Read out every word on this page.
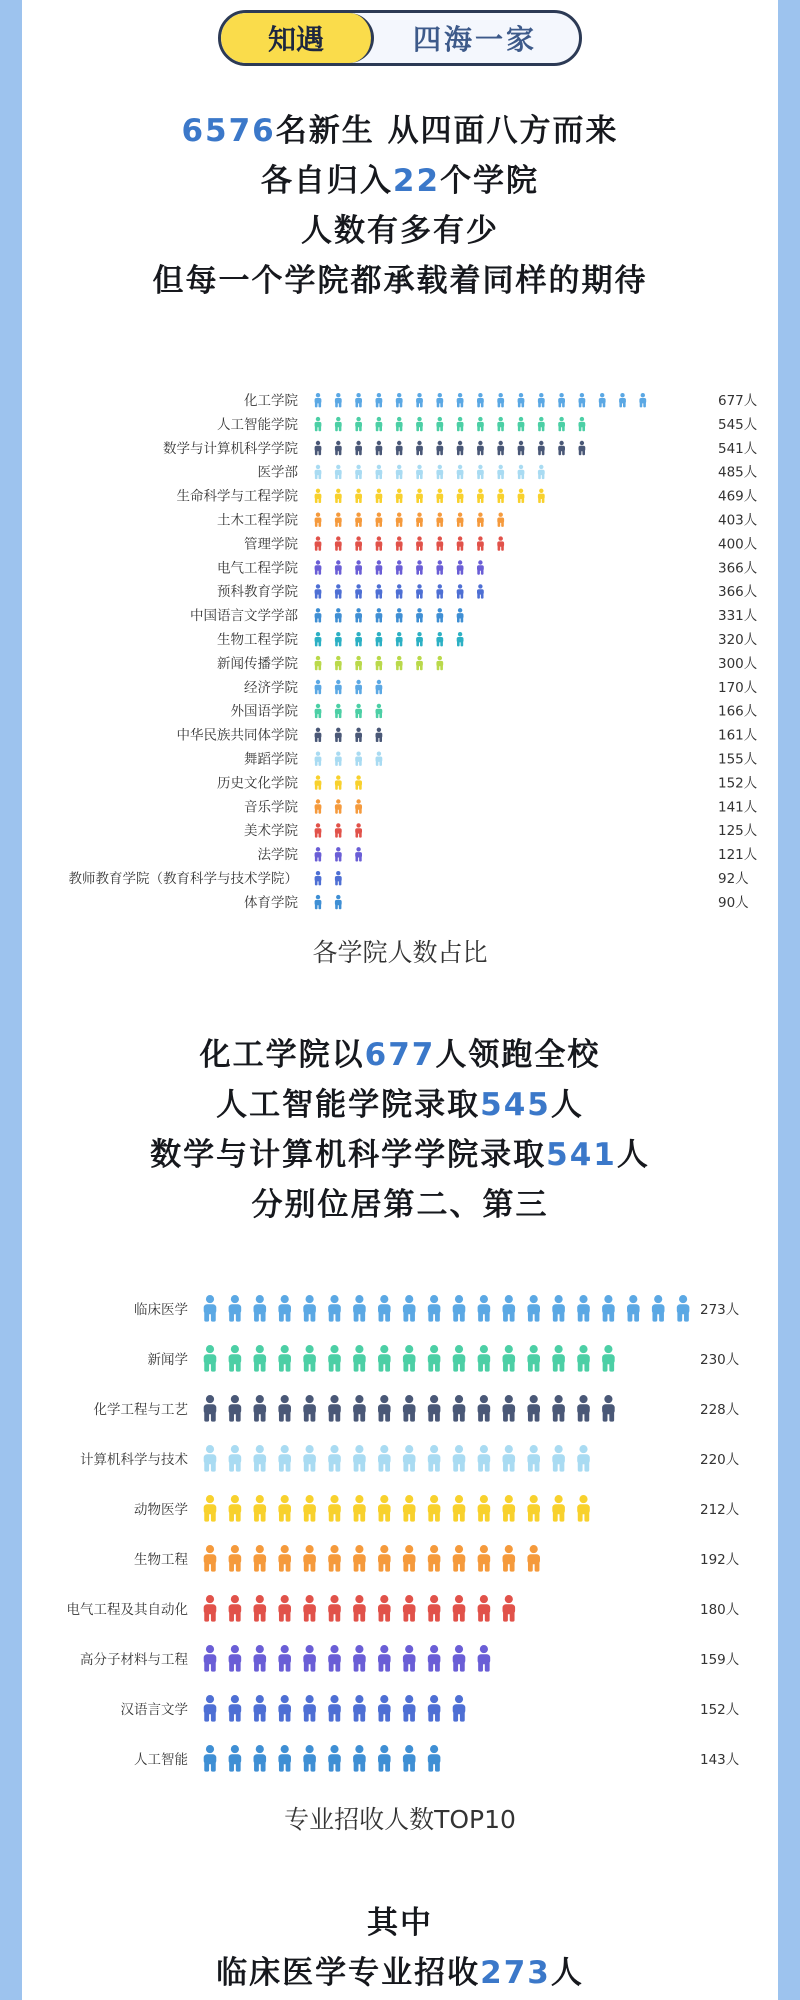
知遇	四海一家
6576名新生 从四面八方而来
各自归入22个学院
人数有多有少
但每一个学院都承载着同样的期待
化工学院	677人
人工智能学院	545人
数学与计算机科学学院	541人
医学部	485人
生命科学与工程学院	469人
土木工程学院	403人
管理学院	400人
电气工程学院	366人
预科教育学院	366人
中国语言文学学部	331人
生物工程学院	320人
新闻传播学院	300人
经济学院	170人
外国语学院	166人
中华民族共同体学院	161人
舞蹈学院	155人
历史文化学院	152人
音乐学院	141人
美术学院	125人
法学院	121人
教师教育学院（教育科学与技术学院）	92人
体育学院	90人
各学院人数占比
化工学院以677人领跑全校
人工智能学院录取545人
数学与计算机科学学院录取541人
分别位居第二、第三
临床医学	273人
新闻学	230人
化学工程与工艺	228人
计算机科学与技术	220人
动物医学	212人
生物工程	192人
电气工程及其自动化	180人
高分子材料与工程	159人
汉语言文学	152人
人工智能	143人
专业招收人数TOP10
其中
临床医学专业招收273人
